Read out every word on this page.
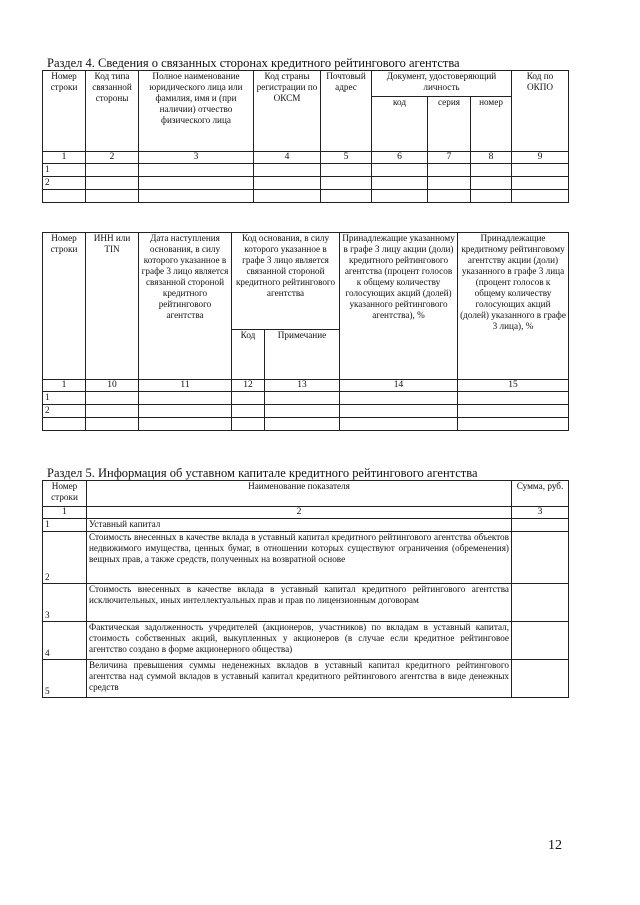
Раздел 4. Сведения о связанных сторонах кредитного рейтингового агентства
Номер строки	Код типа связанной стороны	Полное наименование юридического лица или фамилия, имя и (при наличии) отчество физического лица	Код страны регистрации по ОКСМ	Почтовый адрес	Документ, удостоверяющий личность			Код по ОКПО
					код	серия	номер	
1	2	3	4	5	6	7	8	9
1								
2								

Номер строки	ИНН или TIN	Дата наступления основания, в силу которого указанное в графе 3 лицо является связанной стороной кредитного рейтингового агентства	Код основания, в силу которого указанное в графе 3 лицо является связанной стороной кредитного рейтингового агентства		Принадлежащие указанному в графе 3 лицу акции (доли) кредитного рейтингового агентства (процент голосов к общему количеству голосующих акций (долей) указанного рейтингового агентства), %	Принадлежащие кредитному рейтинговому агентству акции (доли) указанного в графе 3 лица (процент голосов к общему количеству голосующих акций (долей) указанного в графе 3 лица), %
			Код	Примечание		
1	10	11	12	13	14	15
1						
2						

Раздел 5. Информация об уставном капитале кредитного рейтингового агентства
Номер строки	Наименование показателя	Сумма, руб.
1	2	3
1	Уставный капитал	
2	Стоимость внесенных в качестве вклада в уставный капитал кредитного рейтингового агентства объектов недвижимого имущества, ценных бумаг, в отношении которых существуют ограничения (обременения) вещных прав, а также средств, полученных на возвратной основе	
3	Стоимость внесенных в качестве вклада в уставный капитал кредитного рейтингового агентства исключительных, иных интеллектуальных прав и прав по лицензионным договорам	
4	Фактическая задолженность учредителей (акционеров, участников) по вкладам в уставный капитал, стоимость собственных акций, выкупленных у акционеров (в случае если кредитное рейтинговое агентство создано в форме акционерного общества)	
5	Величина превышения суммы неденежных вкладов в уставный капитал кредитного рейтингового агентства над суммой вкладов в уставный капитал кредитного рейтингового агентства в виде денежных средств	
12
